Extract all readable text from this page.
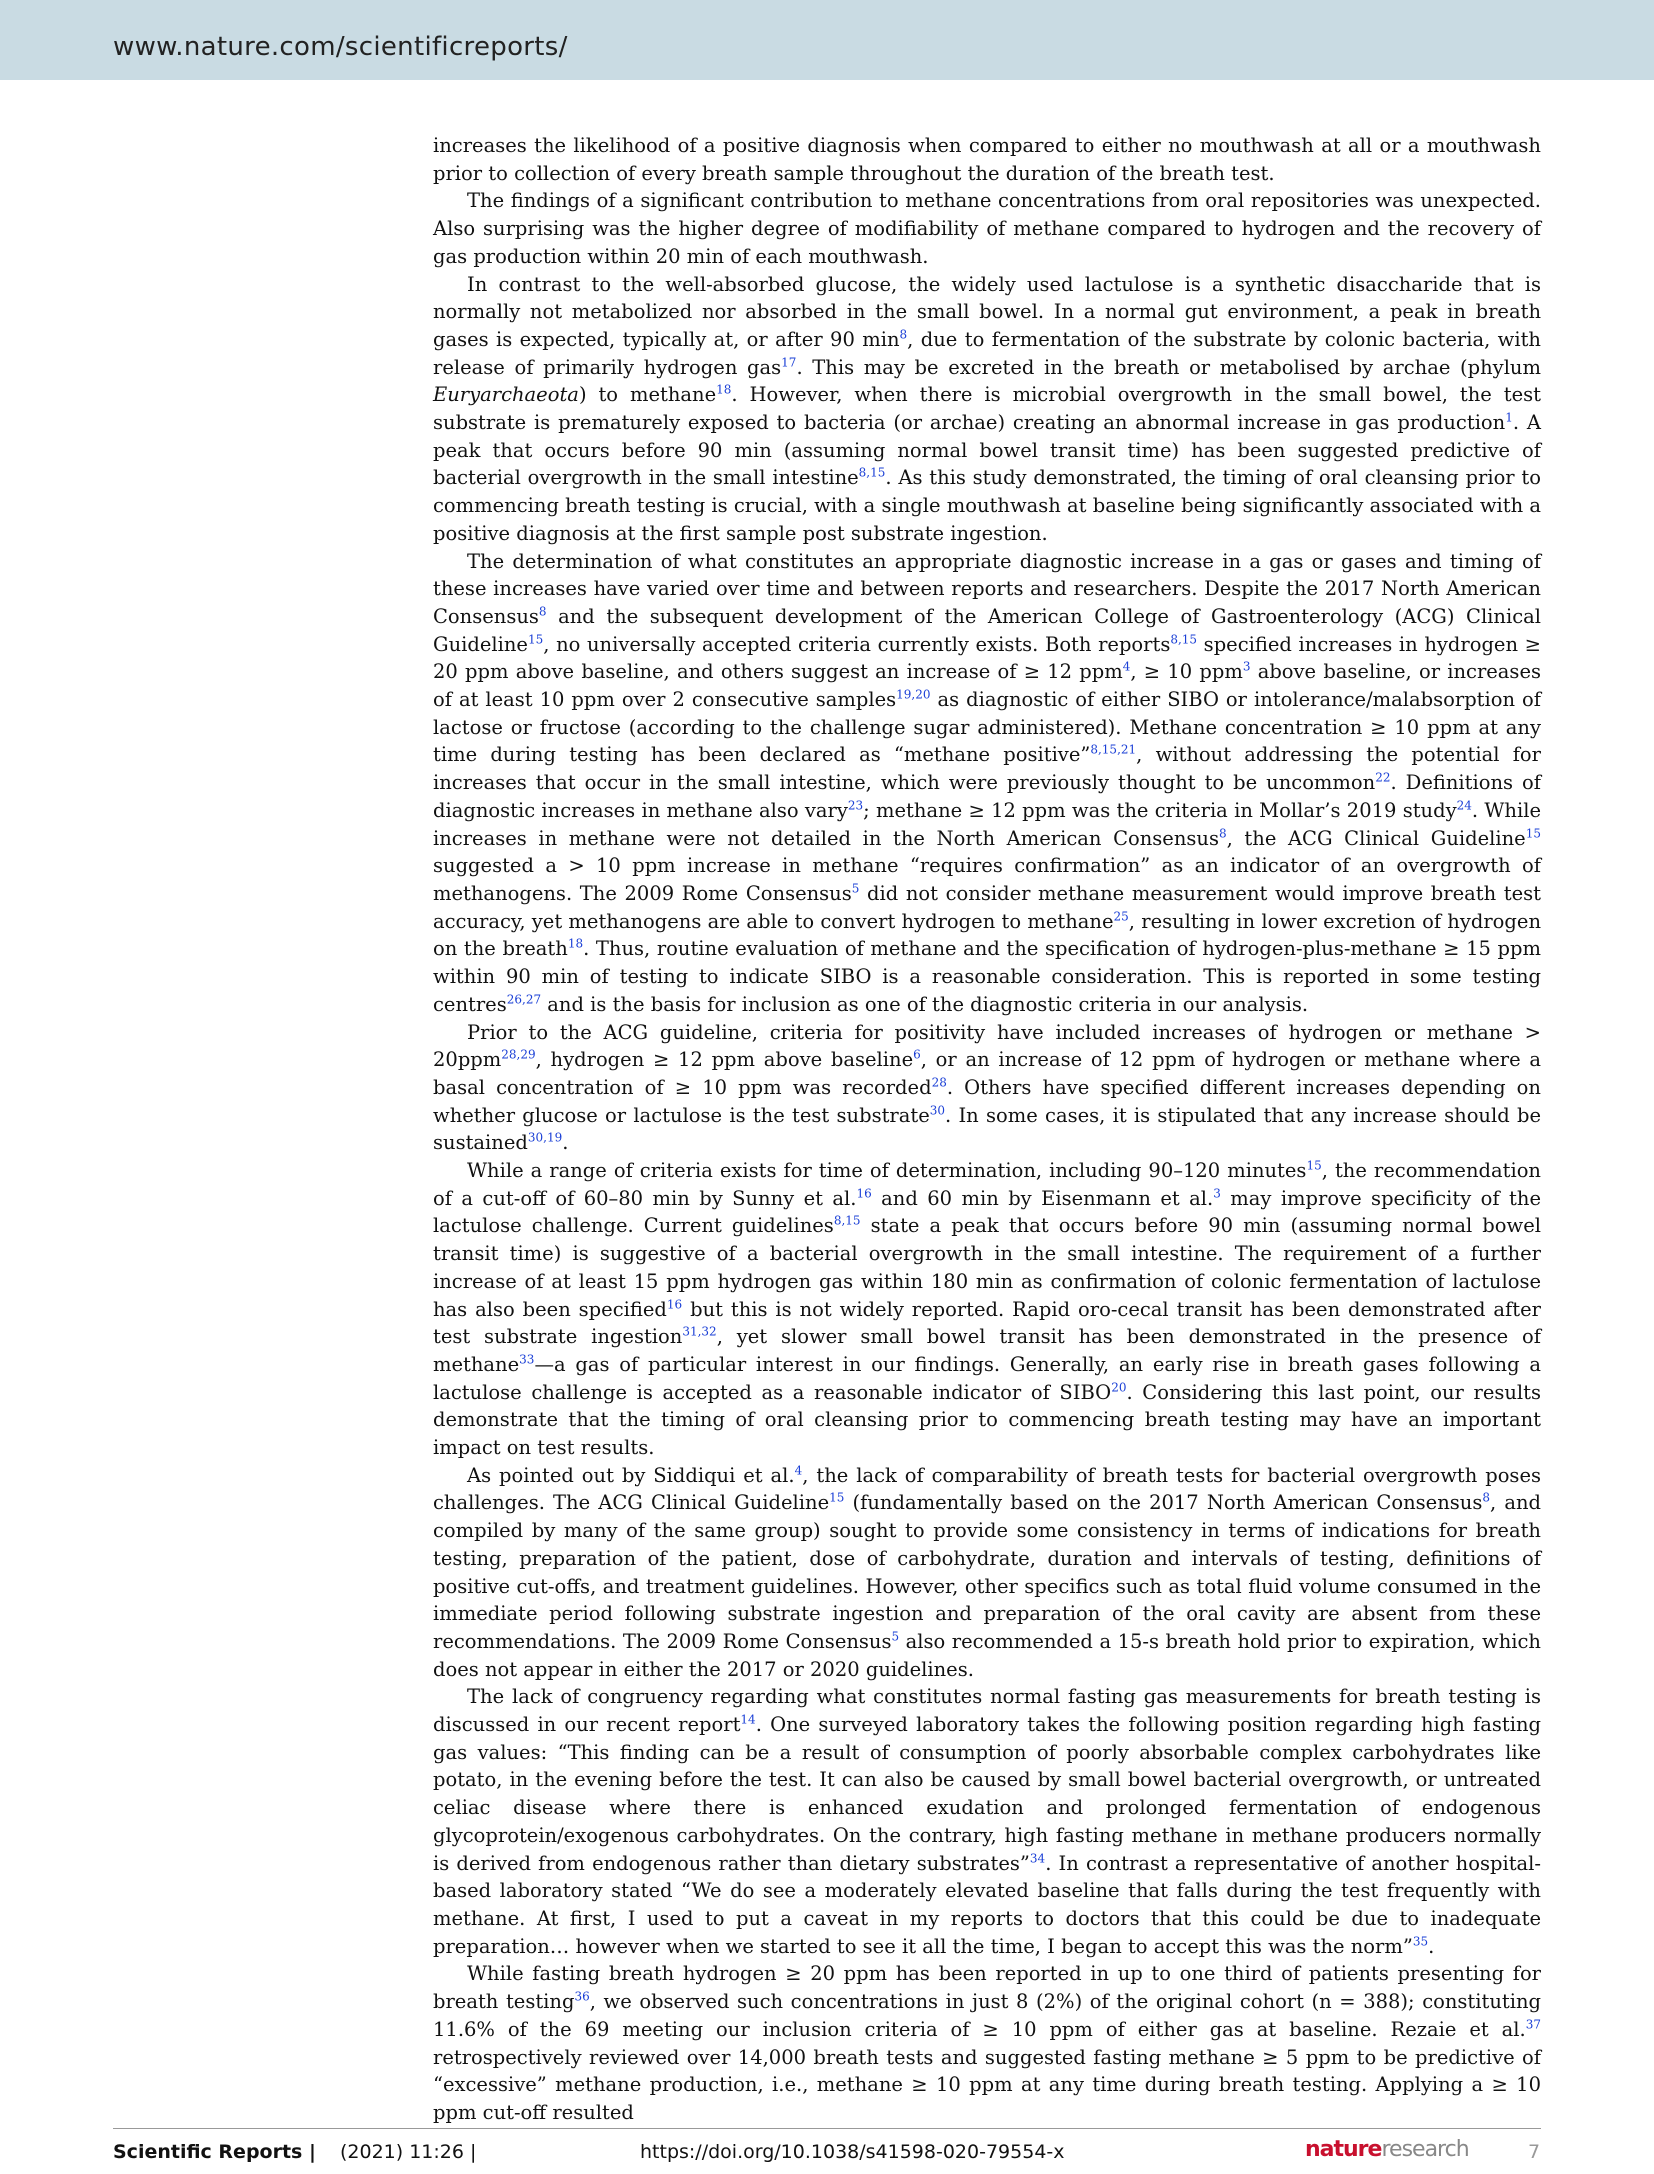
www.nature.com/scientificreports/

increases the likelihood of a positive diagnosis when compared to either no mouthwash at all or a mouthwash prior to collection of every breath sample throughout the duration of the breath test.

The findings of a significant contribution to methane concentrations from oral repositories was unexpected. Also surprising was the higher degree of modifiability of methane compared to hydrogen and the recovery of gas production within 20 min of each mouthwash.

In contrast to the well-absorbed glucose, the widely used lactulose is a synthetic disaccharide that is normally not metabolized nor absorbed in the small bowel. In a normal gut environment, a peak in breath gases is expected, typically at, or after 90 $\min^8$, due to fermentation of the substrate by colonic bacteria, with release of primarily hydrogen gas$^{17}$. This may be excreted in the breath or metabolised by archae (phylum Euryarchaeota) to methane$^{18}$. However, when there is microbial overgrowth in the small bowel, the test substrate is prematurely exposed to bacteria (or archae) creating an abnormal increase in gas production$^1$. A peak that occurs before 90 min (assuming normal bowel transit time) has been suggested predictive of bacterial overgrowth in the small intestine$^{8,15}$. As this study demonstrated, the timing of oral cleansing prior to commencing breath testing is crucial, with a single mouthwash at baseline being significantly associated with a positive diagnosis at the first sample post substrate ingestion.

The determination of what constitutes an appropriate diagnostic increase in a gas or gases and timing of these increases have varied over time and between reports and researchers. Despite the 2017 North American Consensus$^8$ and the subsequent development of the American College of Gastroenterology (ACG) Clinical Guideline$^{15}$, no universally accepted criteria currently exists. Both reports$^{8,15}$ specified increases in hydrogen ≥ 20 ppm above baseline, and others suggest an increase of ≥ 12 ppm$^4$, ≥ 10 ppm$^3$ above baseline, or increases of at least 10 ppm over 2 consecutive samples$^{19,20}$ as diagnostic of either SIBO or intolerance/malabsorption of lactose or fructose (according to the challenge sugar administered). Methane concentration ≥ 10 ppm at any time during testing has been declared as “methane positive”$^{8,15,21}$, without addressing the potential for increases that occur in the small intestine, which were previously thought to be uncommon$^{22}$. Definitions of diagnostic increases in methane also vary$^{23}$; methane ≥ 12 ppm was the criteria in Mollar’s 2019 study$^{24}$. While increases in methane were not detailed in the North American Consensus$^8$, the ACG Clinical Guideline$^{15}$ suggested a > 10 ppm increase in methane “requires confirmation” as an indicator of an overgrowth of methanogens. The 2009 Rome Consensus$^5$ did not consider methane measurement would improve breath test accuracy, yet methanogens are able to convert hydrogen to methane$^{25}$, resulting in lower excretion of hydrogen on the breath$^{18}$. Thus, routine evaluation of methane and the specification of hydrogen-plus-methane ≥ 15 ppm within 90 min of testing to indicate SIBO is a reasonable consideration. This is reported in some testing centres$^{26,27}$ and is the basis for inclusion as one of the diagnostic criteria in our analysis.

Prior to the ACG guideline, criteria for positivity have included increases of hydrogen or methane > 20ppm$^{28,29}$, hydrogen ≥ 12 ppm above baseline$^6$, or an increase of 12 ppm of hydrogen or methane where a basal concentration of ≥ 10 ppm was recorded$^{28}$. Others have specified different increases depending on whether glucose or lactulose is the test substrate$^{30}$. In some cases, it is stipulated that any increase should be sustained$^{30,19}$.

While a range of criteria exists for time of determination, including 90–120 minutes$^{15}$, the recommendation of a cut-off of 60–80 min by Sunny et al.$^{16}$ and 60 min by Eisenmann et al.$^3$ may improve specificity of the lactulose challenge. Current guidelines$^{8,15}$ state a peak that occurs before 90 min (assuming normal bowel transit time) is suggestive of a bacterial overgrowth in the small intestine. The requirement of a further increase of at least 15 ppm hydrogen gas within 180 min as confirmation of colonic fermentation of lactulose has also been specified$^{16}$ but this is not widely reported. Rapid oro-cecal transit has been demonstrated after test substrate ingestion$^{31,32}$, yet slower small bowel transit has been demonstrated in the presence of methane$^{33}$—a gas of particular interest in our findings. Generally, an early rise in breath gases following a lactulose challenge is accepted as a reasonable indicator of SIBO$^{20}$. Considering this last point, our results demonstrate that the timing of oral cleansing prior to commencing breath testing may have an important impact on test results.

As pointed out by Siddiqui et al.$^4$, the lack of comparability of breath tests for bacterial overgrowth poses challenges. The ACG Clinical Guideline$^{15}$ (fundamentally based on the 2017 North American Consensus$^8$, and compiled by many of the same group) sought to provide some consistency in terms of indications for breath testing, preparation of the patient, dose of carbohydrate, duration and intervals of testing, definitions of positive cut-offs, and treatment guidelines. However, other specifics such as total fluid volume consumed in the immediate period following substrate ingestion and preparation of the oral cavity are absent from these recommendations. The 2009 Rome Consensus$^5$ also recommended a 15-s breath hold prior to expiration, which does not appear in either the 2017 or 2020 guidelines.

The lack of congruency regarding what constitutes normal fasting gas measurements for breath testing is discussed in our recent report$^{14}$. One surveyed laboratory takes the following position regarding high fasting gas values: “This finding can be a result of consumption of poorly absorbable complex carbohydrates like potato, in the evening before the test. It can also be caused by small bowel bacterial overgrowth, or untreated celiac disease where there is enhanced exudation and prolonged fermentation of endogenous glycoprotein/exogenous carbohydrates. On the contrary, high fasting methane in methane producers normally is derived from endogenous rather than dietary substrates”$^{34}$. In contrast a representative of another hospital-based laboratory stated “We do see a moderately elevated baseline that falls during the test frequently with methane. At first, I used to put a caveat in my reports to doctors that this could be due to inadequate preparation… however when we started to see it all the time, I began to accept this was the norm”$^{35}$.

While fasting breath hydrogen ≥ 20 ppm has been reported in up to one third of patients presenting for breath testing$^{36}$, we observed such concentrations in just 8 (2%) of the original cohort (n = 388); constituting 11.6% of the 69 meeting our inclusion criteria of ≥ 10 ppm of either gas at baseline. Rezaie et al.$^{37}$ retrospectively reviewed over 14,000 breath tests and suggested fasting methane ≥ 5 ppm to be predictive of “excessive” methane production, i.e., methane ≥ 10 ppm at any time during breath testing. Applying a ≥ 10 ppm cut-off resulted

Scientific Reports | (2021) 11:26 |	https://doi.org/10.1038/s41598-020-79554-x	natureresearch	7
